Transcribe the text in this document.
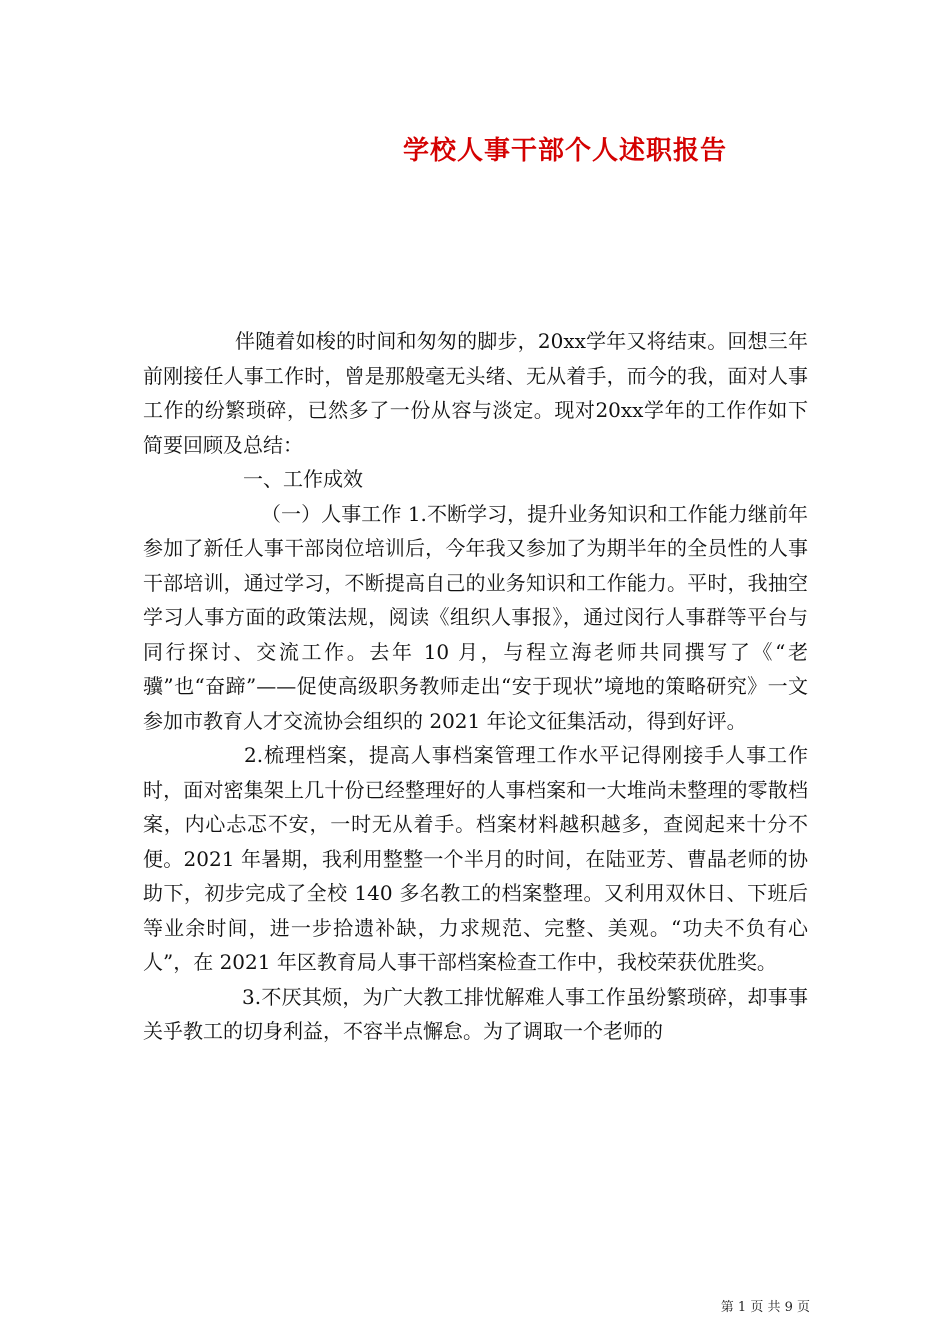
学校人事干部个人述职报告

伴随着如梭的时间和匆匆的脚步，20xx学年又将结束。回想三年前刚接任人事工作时，曾是那般毫无头绪、无从着手，而今的我，面对人事工作的纷繁琐碎，已然多了一份从容与淡定。现对20xx学年的工作作如下简要回顾及总结：

一、工作成效

（一）人事工作 1.不断学习，提升业务知识和工作能力继前年参加了新任人事干部岗位培训后，今年我又参加了为期半年的全员性的人事干部培训，通过学习，不断提高自己的业务知识和工作能力。平时，我抽空学习人事方面的政策法规，阅读《组织人事报》，通过闵行人事群等平台与同行探讨、交流工作。去年 10 月，与程立海老师共同撰写了《“老骥”也“奋蹄”——促使高级职务教师走出“安于现状”境地的策略研究》一文参加市教育人才交流协会组织的 2021 年论文征集活动，得到好评。

2.梳理档案，提高人事档案管理工作水平记得刚接手人事工作时，面对密集架上几十份已经整理好的人事档案和一大堆尚未整理的零散档案，内心忐忑不安，一时无从着手。档案材料越积越多，查阅起来十分不便。2021 年暑期，我利用整整一个半月的时间，在陆亚芳、曹晶老师的协助下，初步完成了全校 140 多名教工的档案整理。又利用双休日、下班后等业余时间，进一步拾遗补缺，力求规范、完整、美观。“功夫不负有心人”，在 2021 年区教育局人事干部档案检查工作中，我校荣获优胜奖。

3.不厌其烦，为广大教工排忧解难人事工作虽纷繁琐碎，却事事关乎教工的切身利益，不容半点懈怠。为了调取一个老师的

第 1 页 共 9 页
